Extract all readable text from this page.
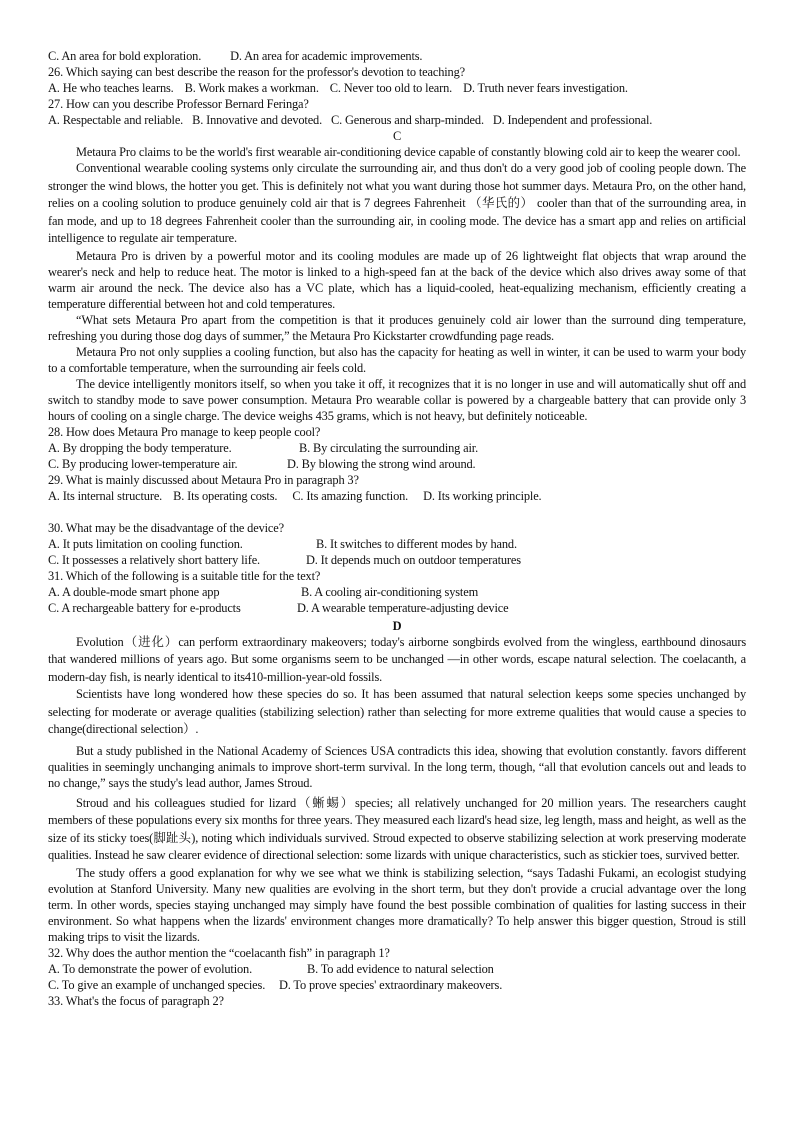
C. An area for bold exploration. D. An area for academic improvements.

26. Which saying can best describe the reason for the professor's devotion to teaching?

A. He who teaches learns. B. Work makes a workman. C. Never too old to learn. D. Truth never fears investigation.

27. How can you describe Professor Bernard Feringa?

A. Respectable and reliable. B. Innovative and devoted. C. Generous and sharp-minded. D. Independent and professional.

C

Metaura Pro claims to be the world's first wearable air-conditioning device capable of constantly blowing cold air to keep the wearer cool.

Conventional wearable cooling systems only circulate the surrounding air, and thus don't do a very good job of cooling people down. The stronger the wind blows, the hotter you get. This is definitely not what you want during those hot summer days. Metaura Pro, on the other hand, relies on a cooling solution to produce genuinely cold air that is 7 degrees Fahrenheit （华氏的） cooler than that of the surrounding area, in fan mode, and up to 18 degrees Fahrenheit cooler than the surrounding air, in cooling mode. The device has a smart app and relies on artificial intelligence to regulate air temperature.

Metaura Pro is driven by a powerful motor and its cooling modules are made up of 26 lightweight flat objects that wrap around the wearer's neck and help to reduce heat. The motor is linked to a high-speed fan at the back of the device which also drives away some of that warm air around the neck. The device also has a VC plate, which has a liquid-cooled, heat-equalizing mechanism, efficiently creating a temperature differential between hot and cold temperatures.

“What sets Metaura Pro apart from the competition is that it produces genuinely cold air lower than the surround ding temperature, refreshing you during those dog days of summer,” the Metaura Pro Kickstarter crowdfunding page reads.

Metaura Pro not only supplies a cooling function, but also has the capacity for heating as well in winter, it can be used to warm your body to a comfortable temperature, when the surrounding air feels cold.

The device intelligently monitors itself, so when you take it off, it recognizes that it is no longer in use and will automatically shut off and switch to standby mode to save power consumption. Metaura Pro wearable collar is powered by a chargeable battery that can provide only 3 hours of cooling on a single charge. The device weighs 435 grams, which is not heavy, but definitely noticeable.

28. How does Metaura Pro manage to keep people cool?

A. By dropping the body temperature.	B. By circulating the surrounding air.

C. By producing lower-temperature air.	D. By blowing the strong wind around.

29. What is mainly discussed about Metaura Pro in paragraph 3?

A. Its internal structure. B. Its operating costs. C. Its amazing function. D. Its working principle.

30. What may be the disadvantage of the device?

A. It puts limitation on cooling function.	B. It switches to different modes by hand.

C. It possesses a relatively short battery life.	D. It depends much on outdoor temperatures

31. Which of the following is a suitable title for the text?

A. A double-mode smart phone app	B. A cooling air-conditioning system

C. A rechargeable battery for e-products	D. A wearable temperature-adjusting device

D

Evolution（进化）can perform extraordinary makeovers; today's airborne songbirds evolved from the wingless, earthbound dinosaurs that wandered millions of years ago. But some organisms seem to be unchanged —in other words, escape natural selection. The coelacanth, a modern-day fish, is nearly identical to its410-million-year-old fossils.

Scientists have long wondered how these species do so. It has been assumed that natural selection keeps some species unchanged by selecting for moderate or average qualities (stabilizing selection) rather than selecting for more extreme qualities that would cause a species to change(directional selection）.

But a study published in the National Academy of Sciences USA contradicts this idea, showing that evolution constantly. favors different qualities in seemingly unchanging animals to improve short-term survival. In the long term, though, “all that evolution cancels out and leads to no change,” says the study's lead author, James Stroud.

Stroud and his colleagues studied for lizard（蜥蜴）species; all relatively unchanged for 20 million years. The researchers caught members of these populations every six months for three years. They measured each lizard's head size, leg length, mass and height, as well as the size of its sticky toes(脚趾头), noting which individuals survived. Stroud expected to observe stabilizing selection at work preserving moderate qualities. Instead he saw clearer evidence of directional selection: some lizards with unique characteristics, such as stickier toes, survived better.

The study offers a good explanation for why we see what we think is stabilizing selection, “says Tadashi Fukami, an ecologist studying evolution at Stanford University. Many new qualities are evolving in the short term, but they don't provide a crucial advantage over the long term. In other words, species staying unchanged may simply have found the best possible combination of qualities for lasting success in their environment. So what happens when the lizards' environment changes more dramatically? To help answer this bigger question, Stroud is still making trips to visit the lizards.

32. Why does the author mention the “coelacanth fish” in paragraph 1?

A. To demonstrate the power of evolution.	B. To add evidence to natural selection

C. To give an example of unchanged species. D. To prove species' extraordinary makeovers.

33. What's the focus of paragraph 2?
